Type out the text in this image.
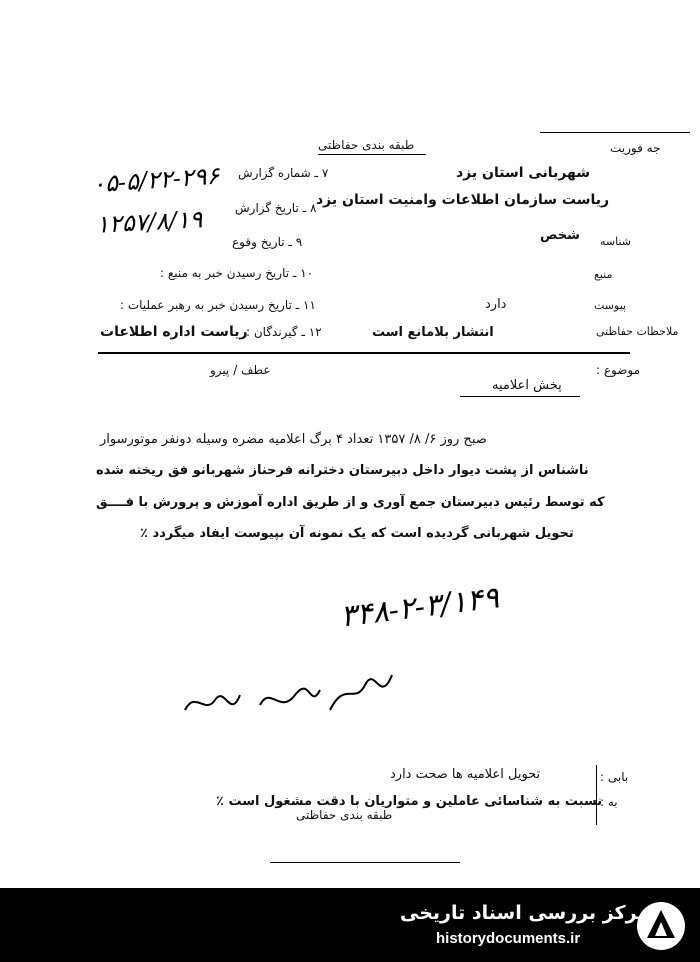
طبقه بندی حفاظتی	جه فوریت
شهربانی استان یزد
ریاست سازمان اطلاعات وامنیت استان یزد
شناسه
شخص
منبع
پیوست
دارد
ملاحظات حفاظتی
انتشار بلامانع است
۷ ـ شماره گزارش
۸ ـ تاریخ گزارش
۹ ـ تاریخ وقوع
۱۰ ـ تاریخ رسیدن خبر به منبع :
۱۱ ـ تاریخ رسیدن خبر به رهبر عملیات :
۱۲ ـ گیرندگان :
ریاست اداره اطلاعات
۰۵-۵/۲۲-۲۹۶
۱۲۵۷/۸/۱۹
موضوع :
پخش اعلامیه
عطف / پیرو
صبح روز ۶/ ۸/ ۱۳۵۷ تعداد ۴ برگ اعلامیه مضره وسیله دونفر موتورسوار
ناشناس از پشت دیوار داخل دبیرستان دخترانه فرحناز شهربانو فق ریخته شده
که توسط رئیس دبیرستان جمع آوری و از طریق اداره آموزش و پرورش با فــــق
تحویل شهربانی گردیده است که یک نمونه آن بپیوست ایفاد میگردد ٪
۳۴۸-۲-۳/۱۴۹
بابی :
تحویل اعلامیه ها صحت دارد
به :
نسبت به شناسائی عاملین و متواریان با دقت مشغول است ٪
طبقه بندی حفاظتی
مرکز بررسی اسناد تاریخی
historydocuments.ir
